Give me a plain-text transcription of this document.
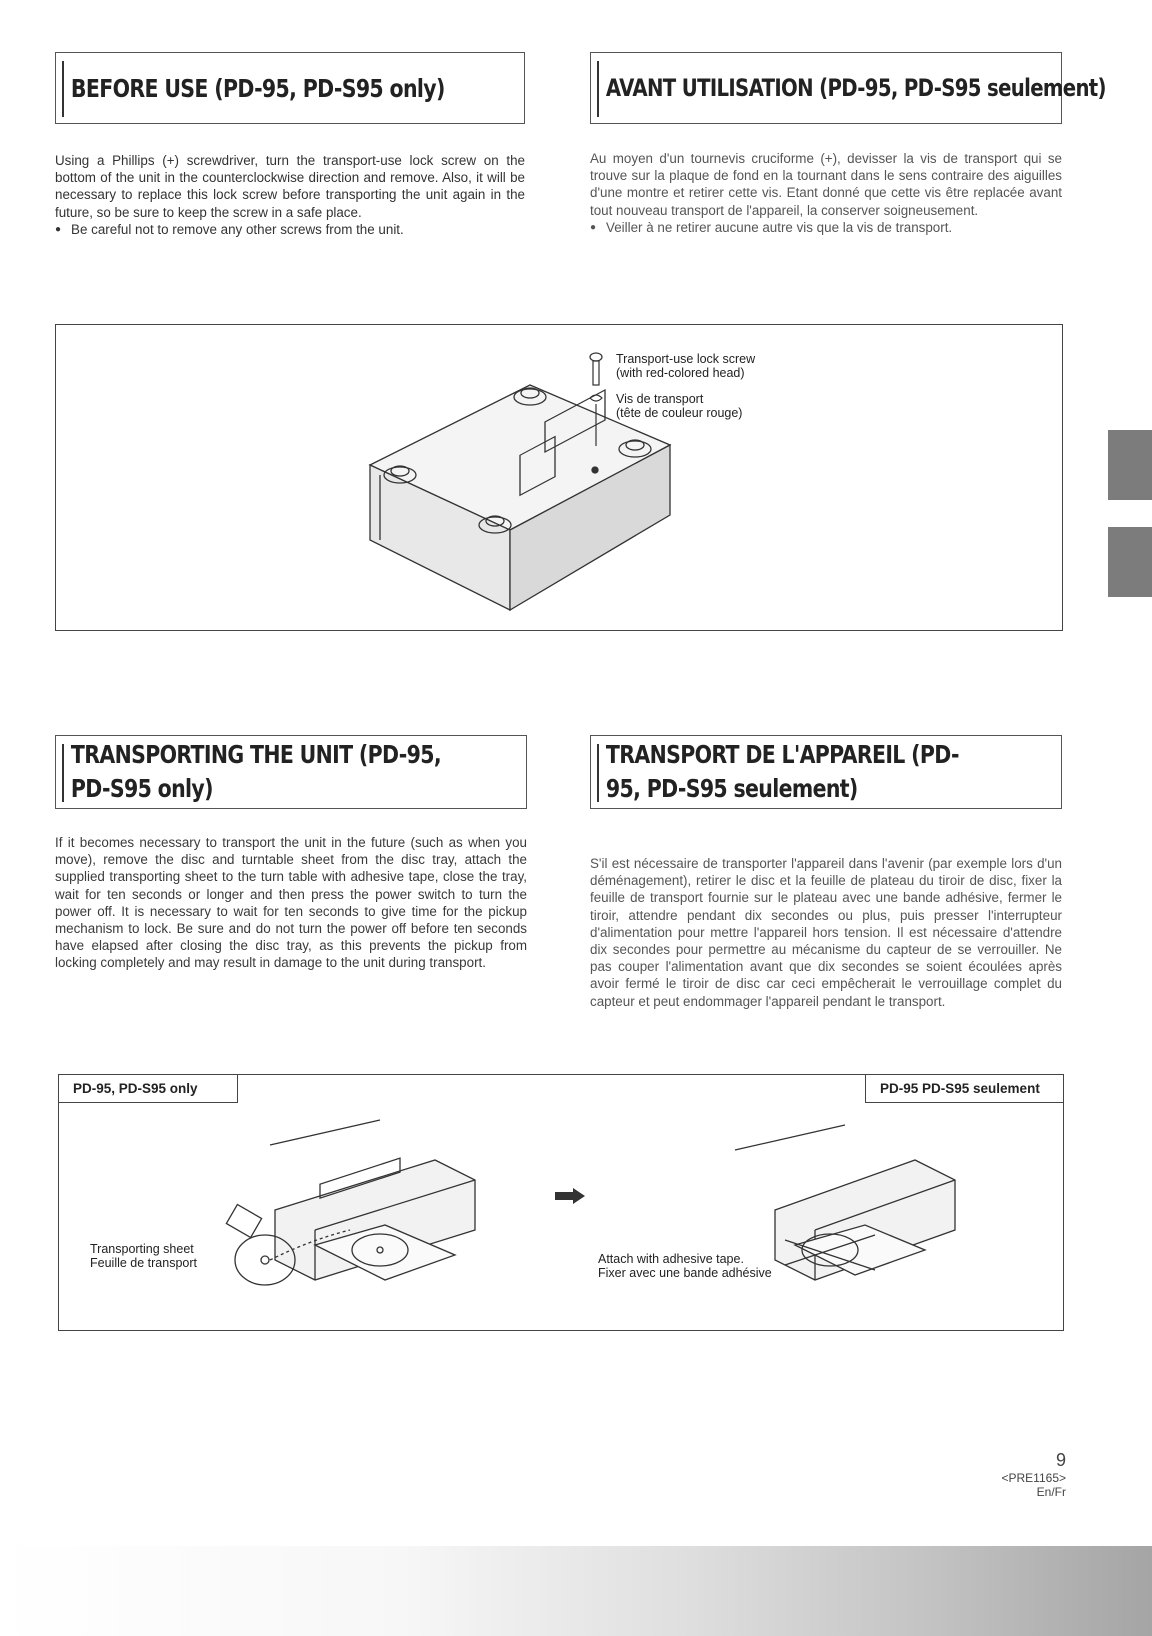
BEFORE USE (PD-95, PD-S95 only)

Using a Phillips (+) screwdriver, turn the transport-use lock screw on the bottom of the unit in the counterclockwise direction and remove. Also, it will be necessary to replace this lock screw before transporting the unit again in the future, so be sure to keep the screw in a safe place.

● Be careful not to remove any other screws from the unit.
AVANT UTILISATION (PD-95, PD-S95 seulement)

Au moyen d'un tournevis cruciforme (+), devisser la vis de transport qui se trouve sur la plaque de fond en la tournant dans le sens contraire des aiguilles d'une montre et retirer cette vis. Etant donné que cette vis être replacée avant tout nouveau transport de l'appareil, la conserver soigneusement.

● Veiller à ne retirer aucune autre vis que la vis de transport.
Transport-use lock screw
(with red-colored head)
Vis de transport
(tête de couleur rouge)
TRANSPORTING THE UNIT (PD-95, PD-S95 only)

If it becomes necessary to transport the unit in the future (such as when you move), remove the disc and turntable sheet from the disc tray, attach the supplied transporting sheet to the turn table with adhesive tape, close the tray, wait for ten seconds or longer and then press the power switch to turn the power off. It is necessary to wait for ten seconds to give time for the pickup mechanism to lock. Be sure and do not turn the power off before ten seconds have elapsed after closing the disc tray, as this prevents the pickup from locking completely and may result in damage to the unit during transport.

TRANSPORT DE L'APPAREIL (PD-95, PD-S95 seulement)

S'il est nécessaire de transporter l'appareil dans l'avenir (par exemple lors d'un déménagement), retirer le disc et la feuille de plateau du tiroir de disc, fixer la feuille de transport fournie sur le plateau avec une bande adhésive, fermer le tiroir, attendre pendant dix secondes ou plus, puis presser l'interrupteur d'alimentation pour mettre l'appareil hors tension. Il est nécessaire d'attendre dix secondes pour permettre au mécanisme du capteur de se verrouiller. Ne pas couper l'alimentation avant que dix secondes se soient écoulées après avoir fermé le tiroir de disc car ceci empêcherait le verrouillage complet du capteur et peut endommager l'appareil pendant le transport.

PD-95, PD-S95 only	PD-95 PD-S95 seulement
Transporting sheet
Feuille de transport	Attach with adhesive tape.
Fixer avec une bande adhésive
9
<PRE1165>
En/Fr
